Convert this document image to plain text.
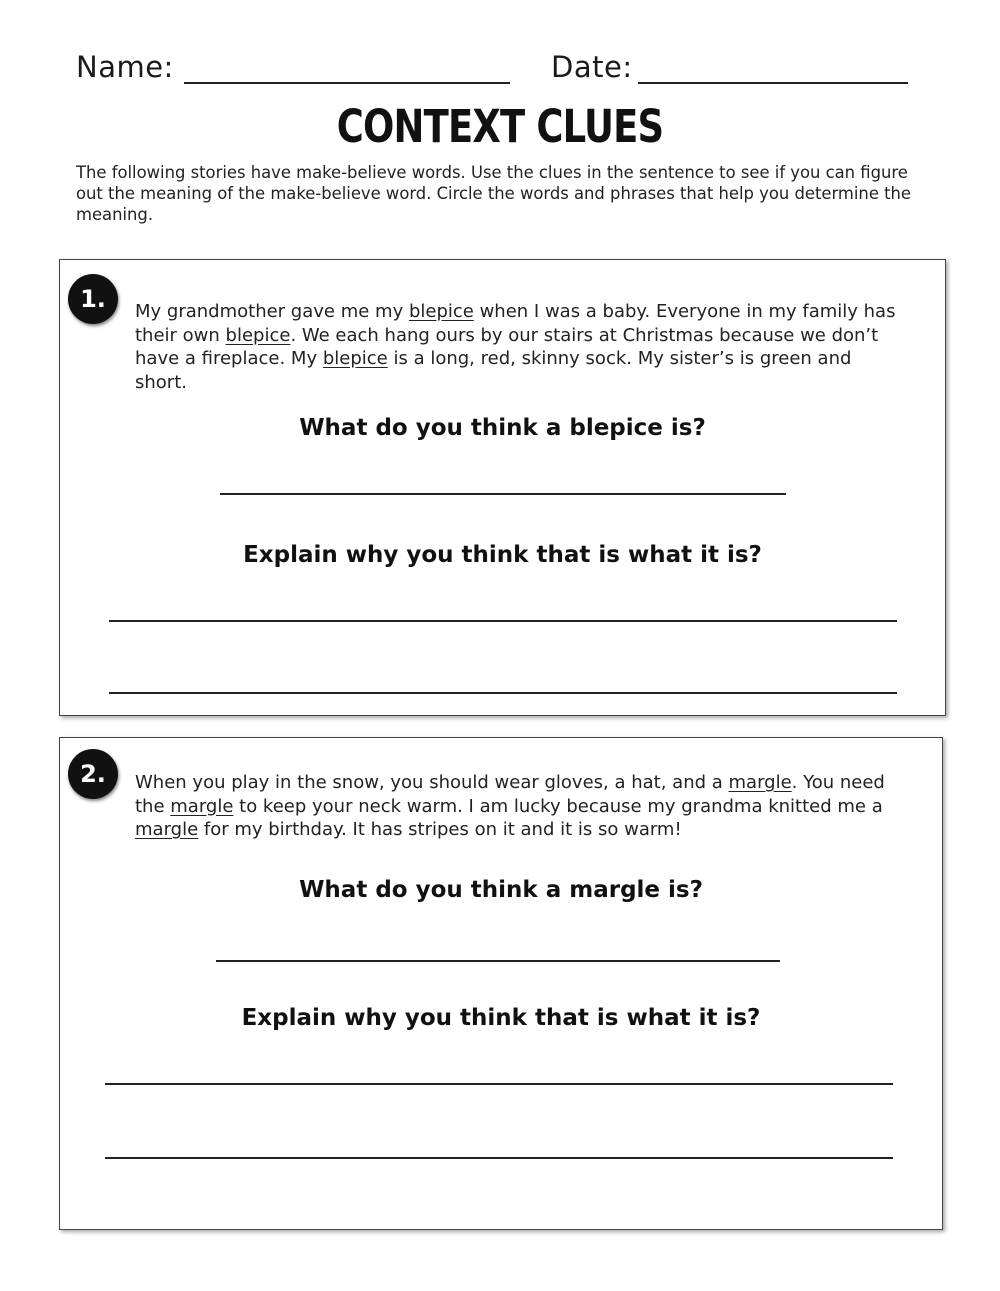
Name:	Date:
CONTEXT CLUES
The following stories have make-believe words. Use the clues in the sentence to see if you can figure out the meaning of the make-believe word. Circle the words and phrases that help you determine the meaning.
1.	My grandmother gave me my blepice when I was a baby. Everyone in my family has their own blepice. We each hang ours by our stairs at Christmas because we don’t have a fireplace. My blepice is a long, red, skinny sock. My sister’s is green and short.
What do you think a blepice is?
Explain why you think that is what it is?
2.	When you play in the snow, you should wear gloves, a hat, and a margle. You need the margle to keep your neck warm. I am lucky because my grandma knitted me a margle for my birthday. It has stripes on it and it is so warm!
What do you think a margle is?
Explain why you think that is what it is?
